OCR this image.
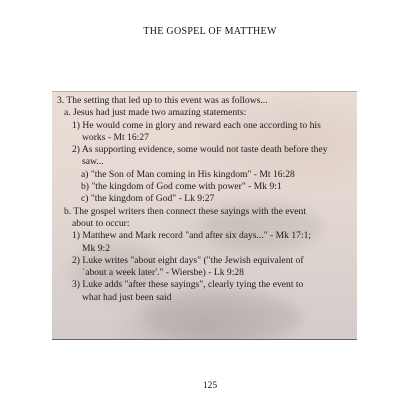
THE GOSPEL OF MATTHEW
3. The setting that led up to this event was as follows...
a. Jesus had just made two amazing statements:
1) He would come in glory and reward each one according to his
works - Mt 16:27
2) As supporting evidence, some would not taste death before they
saw...
a) "the Son of Man coming in His kingdom" - Mt 16:28
b) "the kingdom of God come with power" - Mk 9:1
c) "the kingdom of God" - Lk 9:27
b. The gospel writers then connect these sayings with the event
about to occur:
1) Matthew and Mark record "and after six days..." - Mk 17:1;
Mk 9:2
2) Luke writes "about eight days" ("the Jewish equivalent of
`about a week later'." - Wiersbe) - Lk 9:28
3) Luke adds "after these sayings", clearly tying the event to
what had just been said
125
